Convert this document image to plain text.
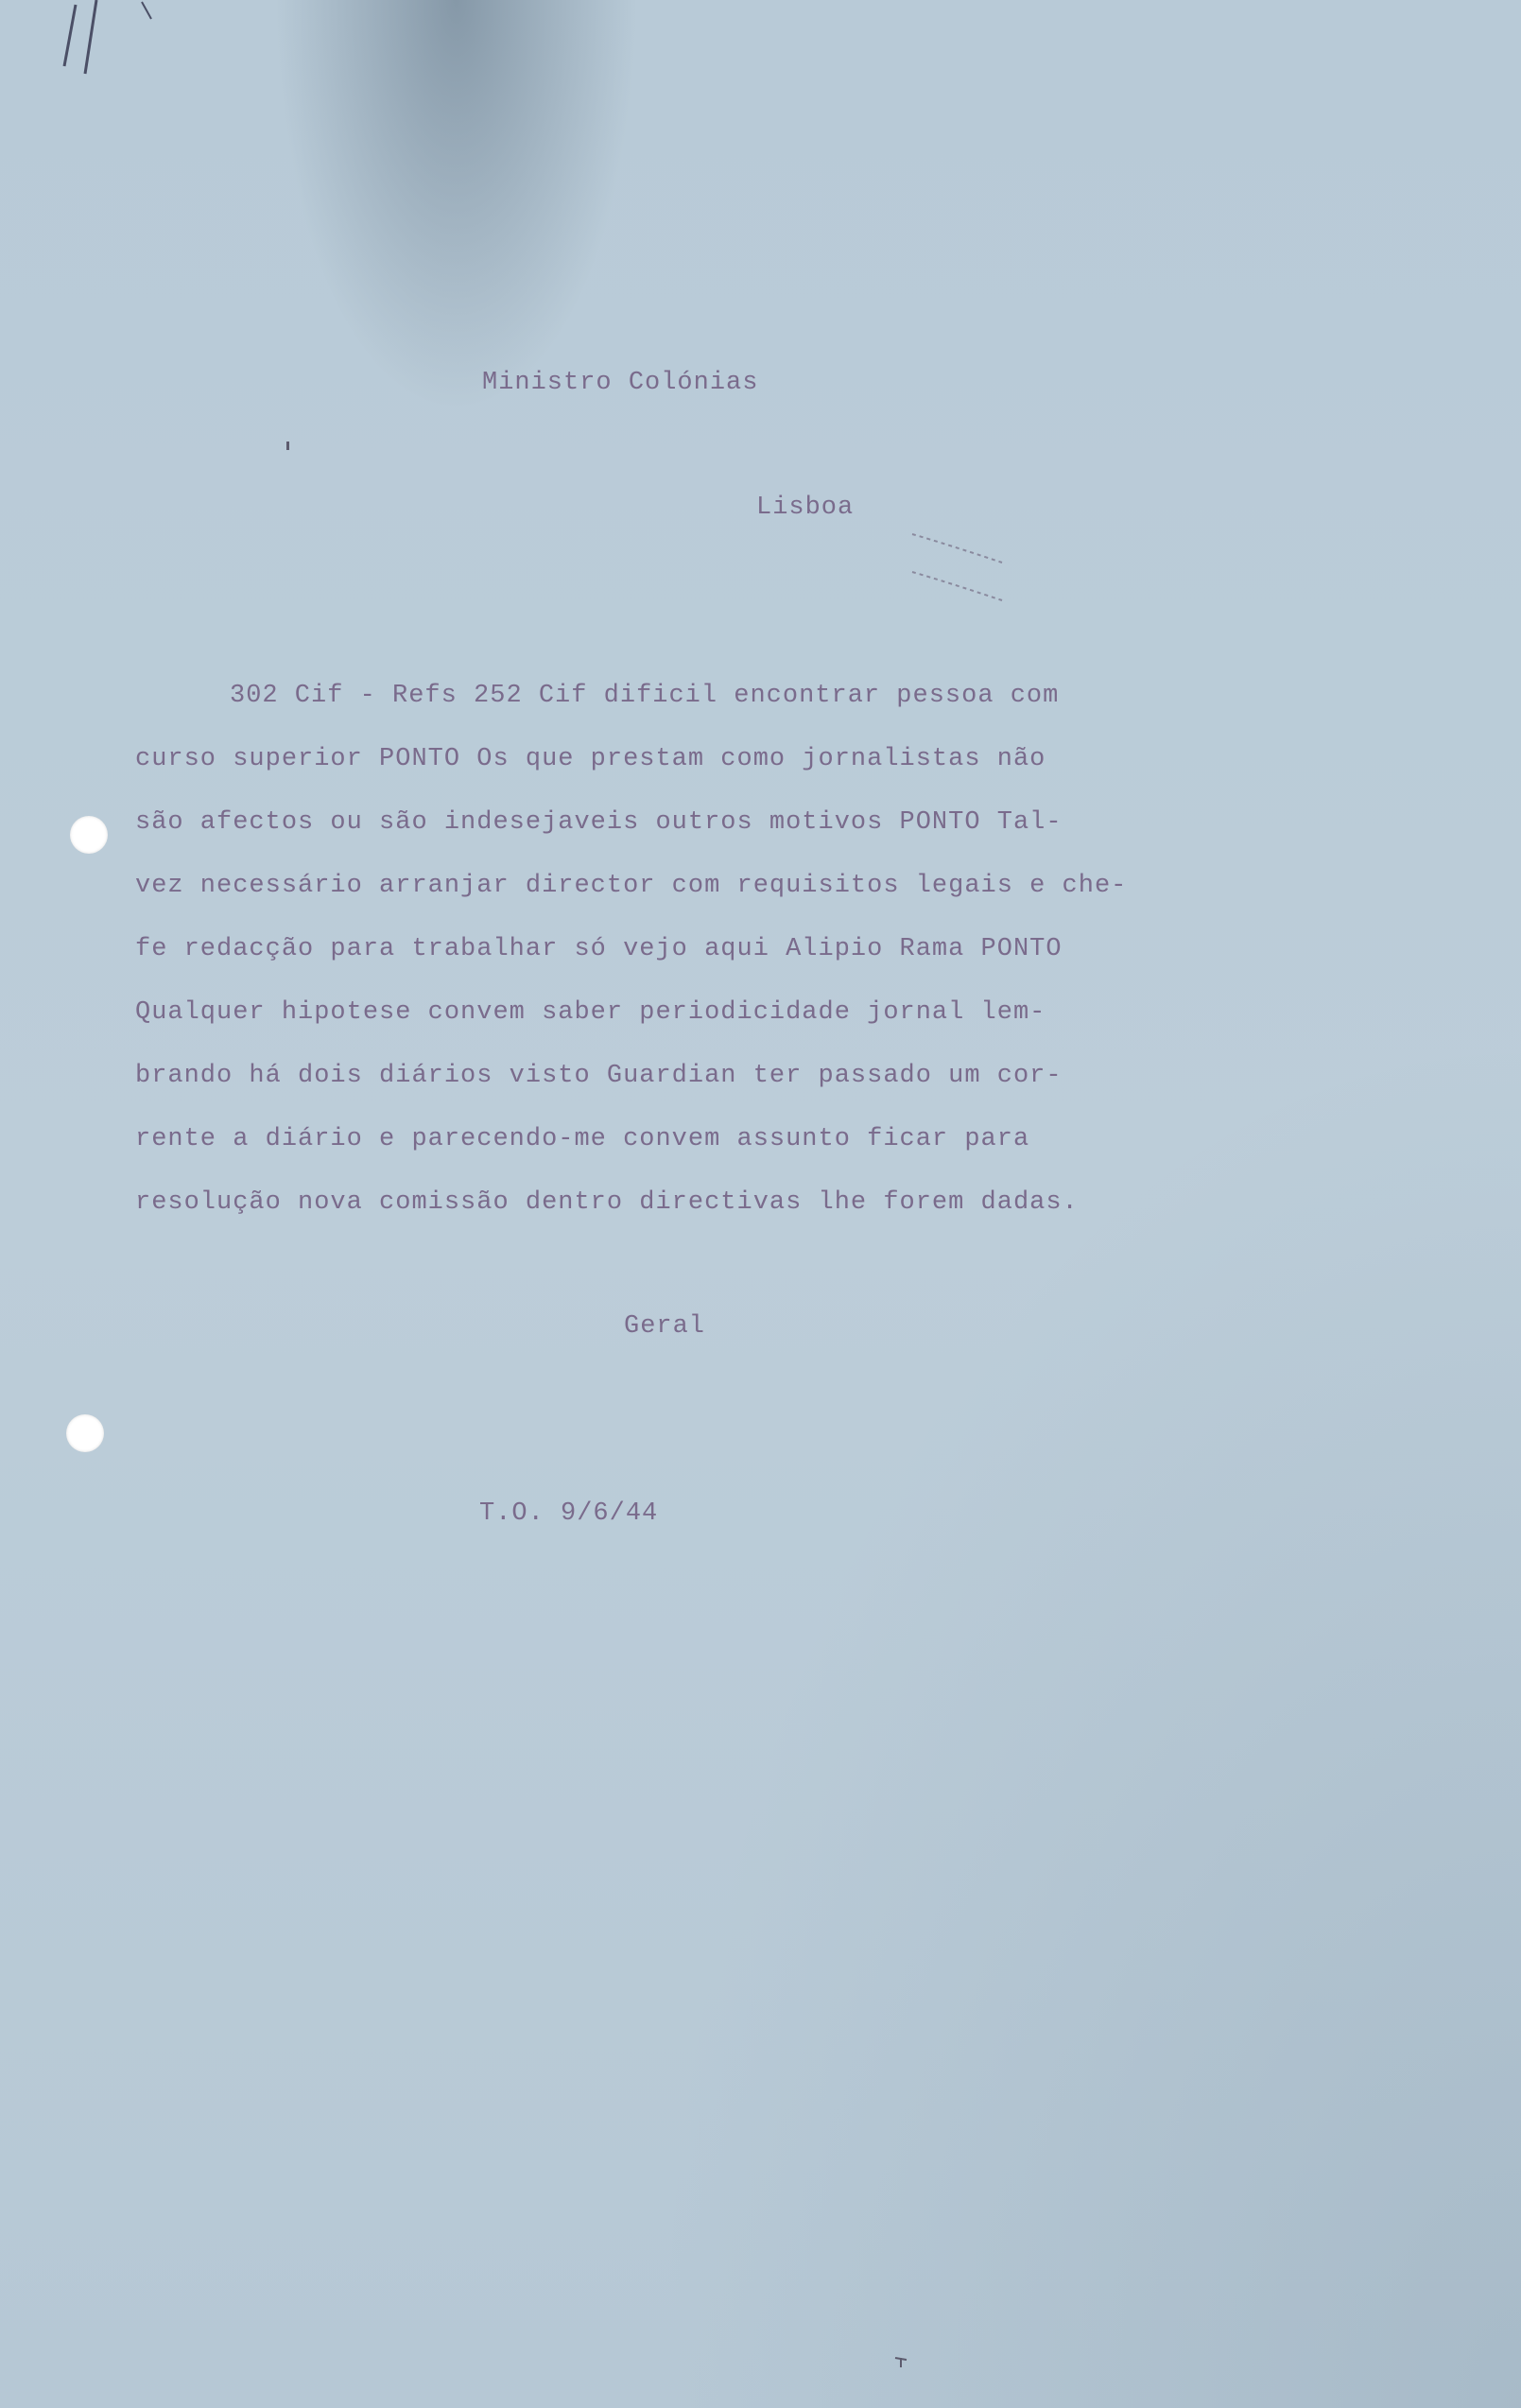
Ministro Colónias
Lisboa
302 Cif - Refs 252 Cif dificil encontrar pessoa com
curso superior PONTO Os que prestam como jornalistas não
são afectos ou são indesejaveis outros motivos PONTO Tal-
vez necessário arranjar director com requisitos legais e che-
fe redacção para trabalhar só vejo aqui Alipio Rama PONTO
Qualquer hipotese convem saber periodicidade jornal lem-
brando há dois diários visto Guardian ter passado um cor-
rente a diário e parecendo-me convem assunto ficar para
resolução nova comissão dentro directivas lhe forem dadas.
Geral
T.O. 9/6/44
